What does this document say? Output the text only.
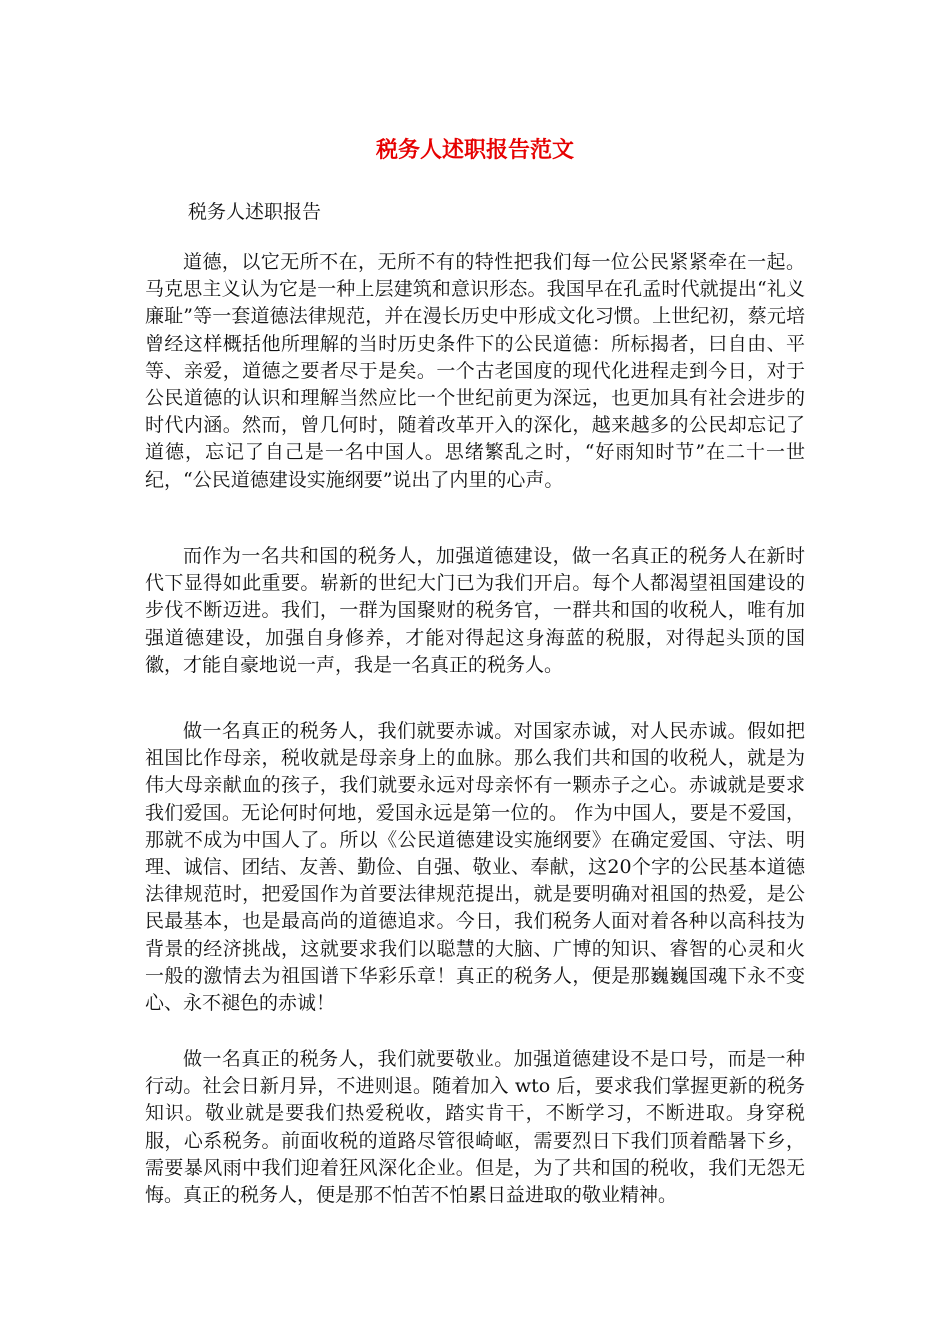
税务人述职报告范文
税务人述职报告

道德，以它无所不在，无所不有的特性把我们每一位公民紧紧牵在一起。马克思主义认为它是一种上层建筑和意识形态。我国早在孔孟时代就提出“礼义廉耻”等一套道德法律规范，并在漫长历史中形成文化习惯。上世纪初，蔡元培曾经这样概括他所理解的当时历史条件下的公民道德：所标揭者，曰自由、平等、亲爱，道德之要者尽于是矣。一个古老国度的现代化进程走到今日，对于公民道德的认识和理解当然应比一个世纪前更为深远，也更加具有社会进步的时代内涵。然而，曾几何时，随着改革开入的深化，越来越多的公民却忘记了道德，忘记了自己是一名中国人。思绪繁乱之时，“好雨知时节”在二十一世纪，“公民道德建设实施纲要”说出了内里的心声。

而作为一名共和国的税务人，加强道德建设，做一名真正的税务人在新时代下显得如此重要。崭新的世纪大门已为我们开启。每个人都渴望祖国建设的步伐不断迈进。我们，一群为国聚财的税务官，一群共和国的收税人，唯有加强道德建设，加强自身修养，才能对得起这身海蓝的税服，对得起头顶的国徽，才能自豪地说一声，我是一名真正的税务人。

做一名真正的税务人，我们就要赤诚。对国家赤诚，对人民赤诚。假如把祖国比作母亲，税收就是母亲身上的血脉。那么我们共和国的收税人，就是为伟大母亲献血的孩子，我们就要永远对母亲怀有一颗赤子之心。赤诚就是要求我们爱国。无论何时何地，爱国永远是第一位的。 作为中国人，要是不爱国，那就不成为中国人了。所以《公民道德建设实施纲要》在确定爱国、守法、明理、诚信、团结、友善、勤俭、自强、敬业、奉献，这20个字的公民基本道德法律规范时，把爱国作为首要法律规范提出，就是要明确对祖国的热爱，是公民最基本，也是最高尚的道德追求。今日，我们税务人面对着各种以高科技为背景的经济挑战，这就要求我们以聪慧的大脑、广博的知识、睿智的心灵和火一般的激情去为祖国谱下华彩乐章！真正的税务人，便是那巍巍国魂下永不变心、永不褪色的赤诚！

做一名真正的税务人，我们就要敬业。加强道德建设不是口号，而是一种行动。社会日新月异，不进则退。随着加入 wto 后，要求我们掌握更新的税务知识。敬业就是要我们热爱税收，踏实肯干，不断学习，不断进取。身穿税服，心系税务。前面收税的道路尽管很崎岖，需要烈日下我们顶着酷暑下乡，需要暴风雨中我们迎着狂风深化企业。但是，为了共和国的税收，我们无怨无悔。真正的税务人，便是那不怕苦不怕累日益进取的敬业精神。
